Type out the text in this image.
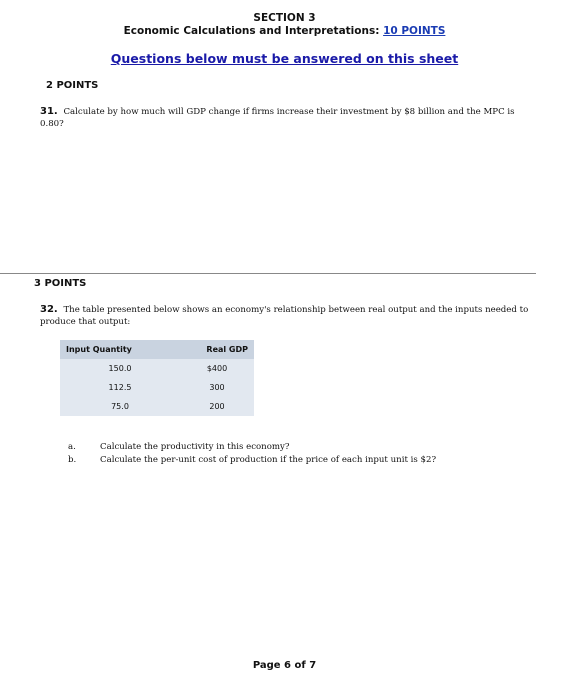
SECTION 3
Economic Calculations and Interpretations: 10 POINTS
Questions below must be answered on this sheet
2 POINTS
31. Calculate by how much will GDP change if firms increase their investment by $8 billion and the MPC is 0.80?
3 POINTS
32. The table presented below shows an economy's relationship between real output and the inputs needed to produce that output:
Input Quantity	Real GDP
150.0	$400
112.5	300
75.0	200
a.	Calculate the productivity in this economy?
b.	Calculate the per-unit cost of production if the price of each input unit is $2?
Page 6 of 7
